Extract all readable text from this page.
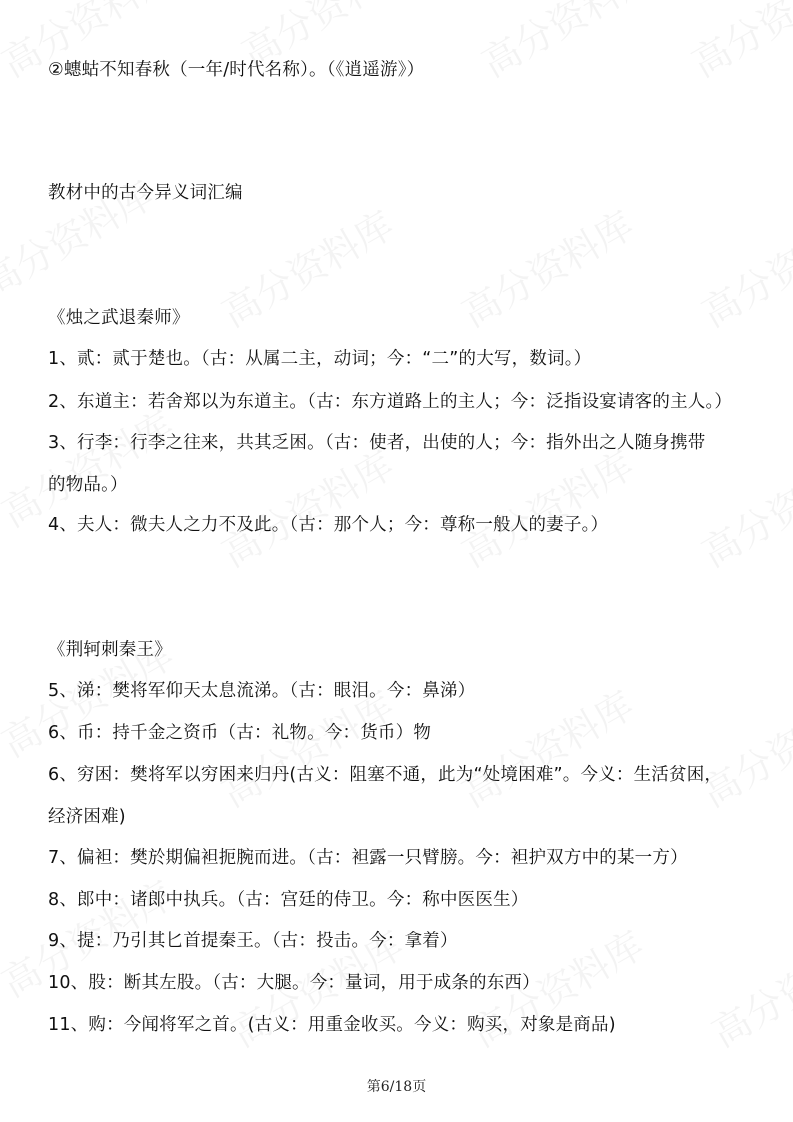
②蟪蛄不知春秋（一年/时代名称）。（《逍遥游》）
教材中的古今异义词汇编
《烛之武退秦师》
1、贰：贰于楚也。（古：从属二主，动词；今：“二”的大写，数词。）
2、东道主：若舍郑以为东道主。（古：东方道路上的主人；今：泛指设宴请客的主人。）
3、行李：行李之往来，共其乏困。（古：使者，出使的人；今：指外出之人随身携带
的物品。）
4、夫人：微夫人之力不及此。（古：那个人；今：尊称一般人的妻子。）
《荆轲刺秦王》
5、涕：樊将军仰天太息流涕。（古：眼泪。今：鼻涕）
6、币：持千金之资币（古：礼物。今：货币）物
6、穷困：樊将军以穷困来归丹(古义：阻塞不通，此为“处境困难”。今义：生活贫困，
经济困难)
7、偏袒：樊於期偏袒扼腕而进。（古：袒露一只臂膀。今：袒护双方中的某一方）
8、郎中：诸郎中执兵。（古：宫廷的侍卫。今：称中医医生）
9、提：乃引其匕首提秦王。（古：投击。今：拿着）
10、股：断其左股。（古：大腿。今：量词，用于成条的东西）
11、购：今闻将军之首。(古义：用重金收买。今义：购买，对象是商品)
第6/18页
